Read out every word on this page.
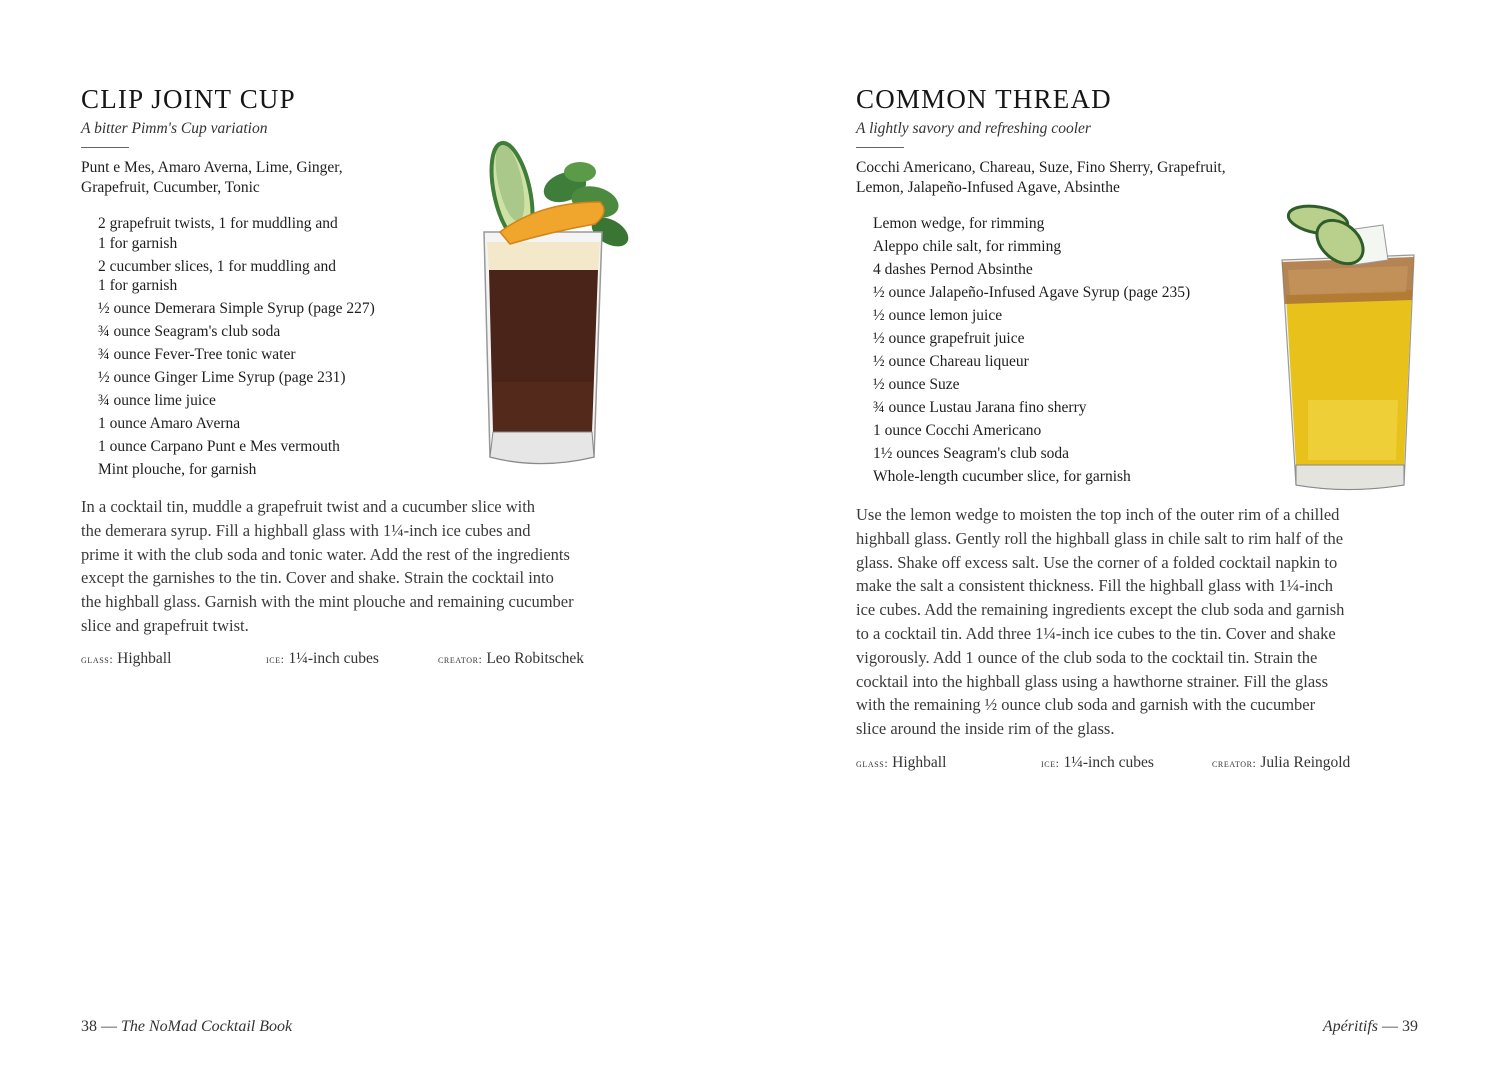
CLIP JOINT CUP
A bitter Pimm's Cup variation
Punt e Mes, Amaro Averna, Lime, Ginger,
Grapefruit, Cucumber, Tonic
2 grapefruit twists, 1 for muddling and
1 for garnish
2 cucumber slices, 1 for muddling and
1 for garnish
½ ounce Demerara Simple Syrup (page 227)
¾ ounce Seagram's club soda
¾ ounce Fever-Tree tonic water
½ ounce Ginger Lime Syrup (page 231)
¾ ounce lime juice
1 ounce Amaro Averna
1 ounce Carpano Punt e Mes vermouth
Mint plouche, for garnish
In a cocktail tin, muddle a grapefruit twist and a cucumber slice with
the demerara syrup. Fill a highball glass with 1¼-inch ice cubes and
prime it with the club soda and tonic water. Add the rest of the ingredients
except the garnishes to the tin. Cover and shake. Strain the cocktail into
the highball glass. Garnish with the mint plouche and remaining cucumber
slice and grapefruit twist.
glass: Highball	ice: 1¼-inch cubes	creator: Leo Robitschek
38 — The NoMad Cocktail Book
COMMON THREAD
A lightly savory and refreshing cooler
Cocchi Americano, Chareau, Suze, Fino Sherry, Grapefruit,
Lemon, Jalapeño-Infused Agave, Absinthe
Lemon wedge, for rimming
Aleppo chile salt, for rimming
4 dashes Pernod Absinthe
½ ounce Jalapeño-Infused Agave Syrup (page 235)
½ ounce lemon juice
½ ounce grapefruit juice
½ ounce Chareau liqueur
½ ounce Suze
¾ ounce Lustau Jarana fino sherry
1 ounce Cocchi Americano
1½ ounces Seagram's club soda
Whole-length cucumber slice, for garnish
Use the lemon wedge to moisten the top inch of the outer rim of a chilled
highball glass. Gently roll the highball glass in chile salt to rim half of the
glass. Shake off excess salt. Use the corner of a folded cocktail napkin to
make the salt a consistent thickness. Fill the highball glass with 1¼-inch
ice cubes. Add the remaining ingredients except the club soda and garnish
to a cocktail tin. Add three 1¼-inch ice cubes to the tin. Cover and shake
vigorously. Add 1 ounce of the club soda to the cocktail tin. Strain the
cocktail into the highball glass using a hawthorne strainer. Fill the glass
with the remaining ½ ounce club soda and garnish with the cucumber
slice around the inside rim of the glass.
glass: Highball	ice: 1¼-inch cubes	creator: Julia Reingold
Apéritifs — 39
